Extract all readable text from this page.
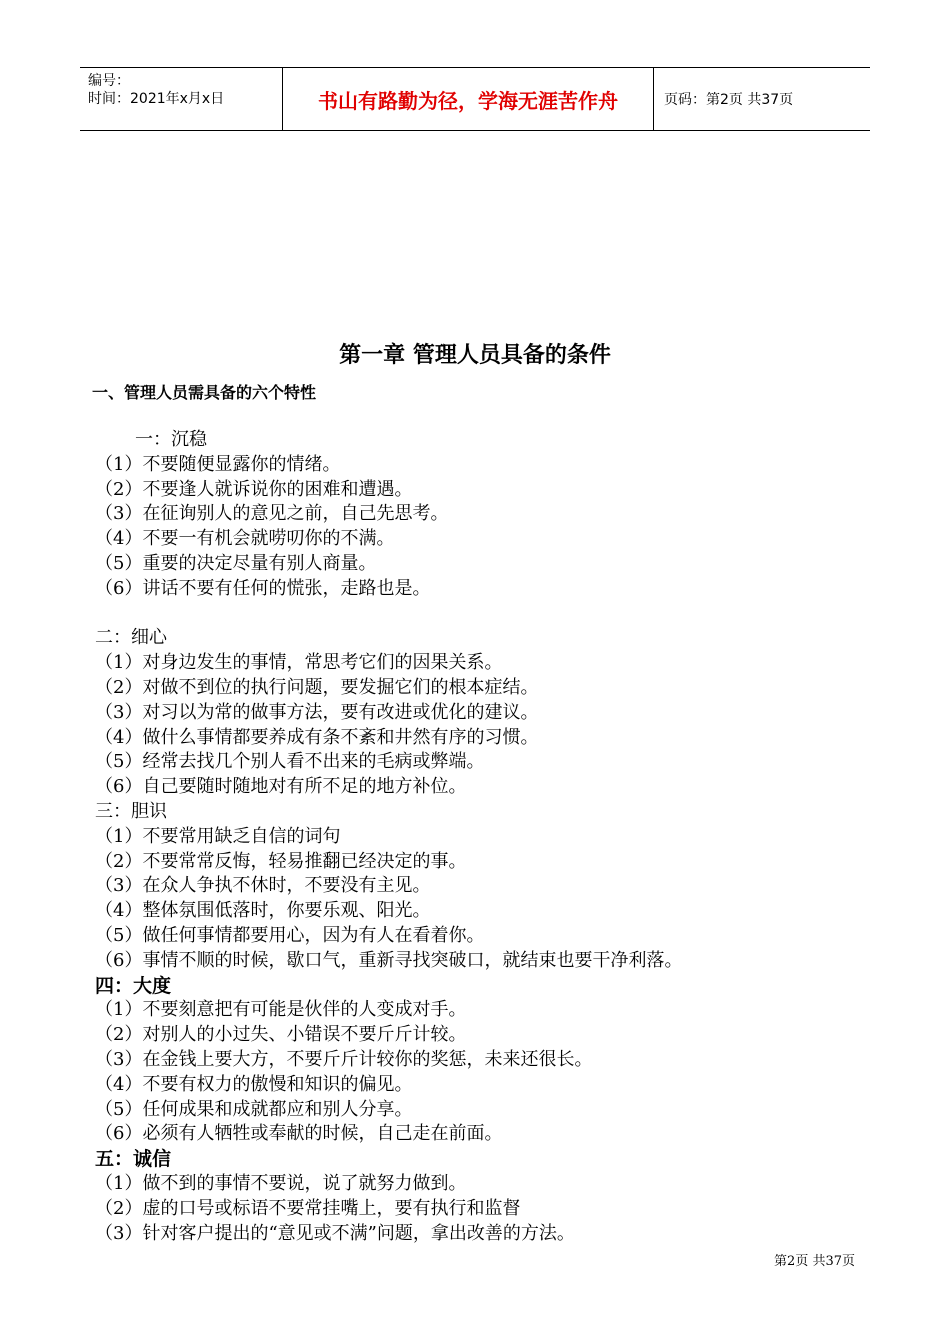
编号：
时间：2021年x月x日	书山有路勤为径，学海无涯苦作舟	页码：第2页 共37页
第一章 管理人员具备的条件
一、管理人员需具备的六个特性
一：沉稳
（1）不要随便显露你的情绪。
（2）不要逢人就诉说你的困难和遭遇。
（3）在征询别人的意见之前，自己先思考。
（4）不要一有机会就唠叨你的不满。
（5）重要的决定尽量有别人商量。
（6）讲话不要有任何的慌张，走路也是。
二：细心
（1）对身边发生的事情，常思考它们的因果关系。
（2）对做不到位的执行问题，要发掘它们的根本症结。
（3）对习以为常的做事方法，要有改进或优化的建议。
（4）做什么事情都要养成有条不紊和井然有序的习惯。
（5）经常去找几个别人看不出来的毛病或弊端。
（6）自己要随时随地对有所不足的地方补位。
三：胆识
（1）不要常用缺乏自信的词句
（2）不要常常反悔，轻易推翻已经决定的事。
（3）在众人争执不休时，不要没有主见。
（4）整体氛围低落时，你要乐观、阳光。
（5）做任何事情都要用心，因为有人在看着你。
（6）事情不顺的时候，歇口气，重新寻找突破口，就结束也要干净利落。
四：大度
（1）不要刻意把有可能是伙伴的人变成对手。
（2）对别人的小过失、小错误不要斤斤计较。
（3）在金钱上要大方，不要斤斤计较你的奖惩，未来还很长。
（4）不要有权力的傲慢和知识的偏见。
（5）任何成果和成就都应和别人分享。
（6）必须有人牺牲或奉献的时候，自己走在前面。
五：诚信
（1）做不到的事情不要说，说了就努力做到。
（2）虚的口号或标语不要常挂嘴上，要有执行和监督
（3）针对客户提出的“意见或不满”问题，拿出改善的方法。
第2页 共37页
